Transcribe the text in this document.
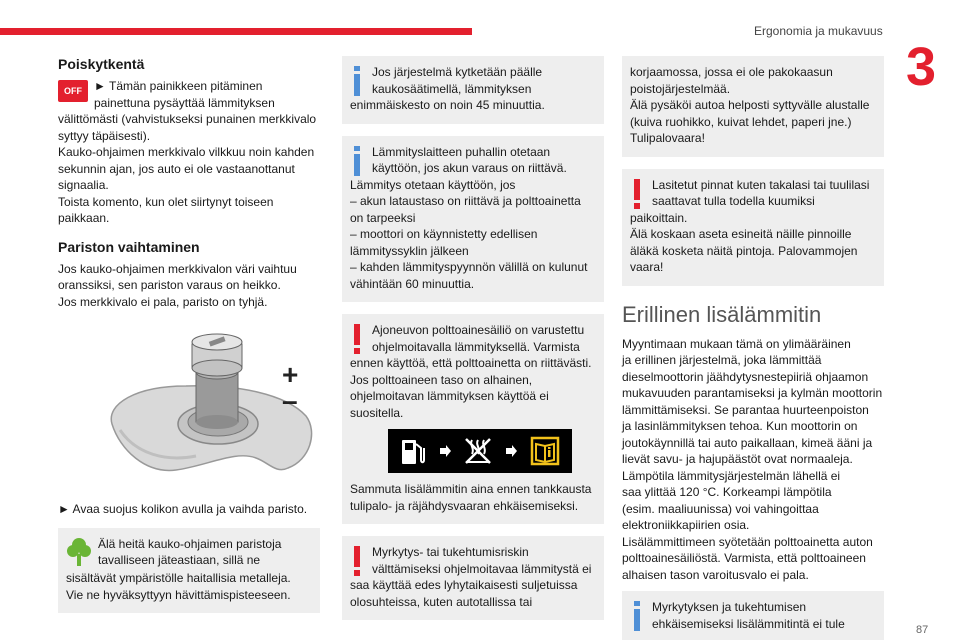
Ergonomia ja mukavuus
3
87
Poiskytkentä
OFF	► Tämän painikkeen pitäminen
painettuna pysäyttää lämmityksen
välittömästi (vahvistukseksi punainen merkkivalo
syttyy täpäisesti).
Kauko-ohjaimen merkkivalo vilkkuu noin kahden
sekunnin ajan, jos auto ei ole vastaanottanut
signaalia.
Toista komento, kun olet siirtynyt toiseen
paikkaan.
Pariston vaihtaminen
Jos kauko-ohjaimen merkkivalon väri vaihtuu
oranssiksi, sen pariston varaus on heikko.
Jos merkkivalo ei pala, paristo on tyhjä.
+
–
► Avaa suojus kolikon avulla ja vaihda paristo.
Älä heitä kauko-ohjaimen paristoja
tavalliseen jäteastiaan, sillä ne
sisältävät ympäristölle haitallisia metalleja.
Vie ne hyväksyttyyn hävittämispisteeseen.
Jos järjestelmä kytketään päälle
kaukosäätimellä, lämmityksen
enimmäiskesto on noin 45 minuuttia.
Lämmityslaitteen puhallin otetaan
käyttöön, jos akun varaus on riittävä.
Lämmitys otetaan käyttöön, jos
– akun lataustaso on riittävä ja polttoainetta
on tarpeeksi
– moottori on käynnistetty edellisen
lämmityssyklin jälkeen
– kahden lämmityspyynnön välillä on kulunut
vähintään 60 minuuttia.
Ajoneuvon polttoainesäiliö on varustettu
ohjelmoitavalla lämmityksellä. Varmista
ennen käyttöä, että polttoainetta on riittävästi.
Jos polttoaineen taso on alhainen,
ohjelmoitavan lämmityksen käyttöä ei
suositella.
Sammuta lisälämmitin aina ennen tankkausta
tulipalo- ja räjähdysvaaran ehkäisemiseksi.
Myrkytys- tai tukehtumisriskin
välttämiseksi ohjelmoitavaa lämmitystä ei
saa käyttää edes lyhytaikaisesti suljetuissa
olosuhteissa, kuten autotallissa tai
korjaamossa, jossa ei ole pakokaasun
poistojärjestelmää.
Älä pysäköi autoa helposti syttyvälle alustalle
(kuiva ruohikko, kuivat lehdet, paperi jne.)
Tulipalovaara!
Lasitetut pinnat kuten takalasi tai tuulilasi
saattavat tulla todella kuumiksi
paikoittain.
Älä koskaan aseta esineitä näille pinnoille
äläkä kosketa näitä pintoja. Palovammojen
vaara!
Erillinen lisälämmitin
Myyntimaan mukaan tämä on ylimääräinen
ja erillinen järjestelmä, joka lämmittää
dieselmoottorin jäähdytysnestepiiriä ohjaamon
mukavuuden parantamiseksi ja kylmän moottorin
lämmittämiseksi. Se parantaa huurteenpoiston
ja lasinlämmityksen tehoa. Kun moottorin on
joutokäynnillä tai auto paikallaan, kimeä ääni ja
lievät savu- ja hajupäästöt ovat normaaleja.
Lämpötila lämmitysjärjestelmän lähellä ei
saa ylittää 120 °C. Korkeampi lämpötila
(esim. maaliuunissa) voi vahingoittaa
elektroniikkapiirien osia.
Lisälämmittimeen syötetään polttoainetta auton
polttoainesäiliöstä. Varmista, että polttoaineen
alhaisen tason varoitusvalo ei pala.
Myrkytyksen ja tukehtumisen
ehkäisemiseksi lisälämmitintä ei tule
